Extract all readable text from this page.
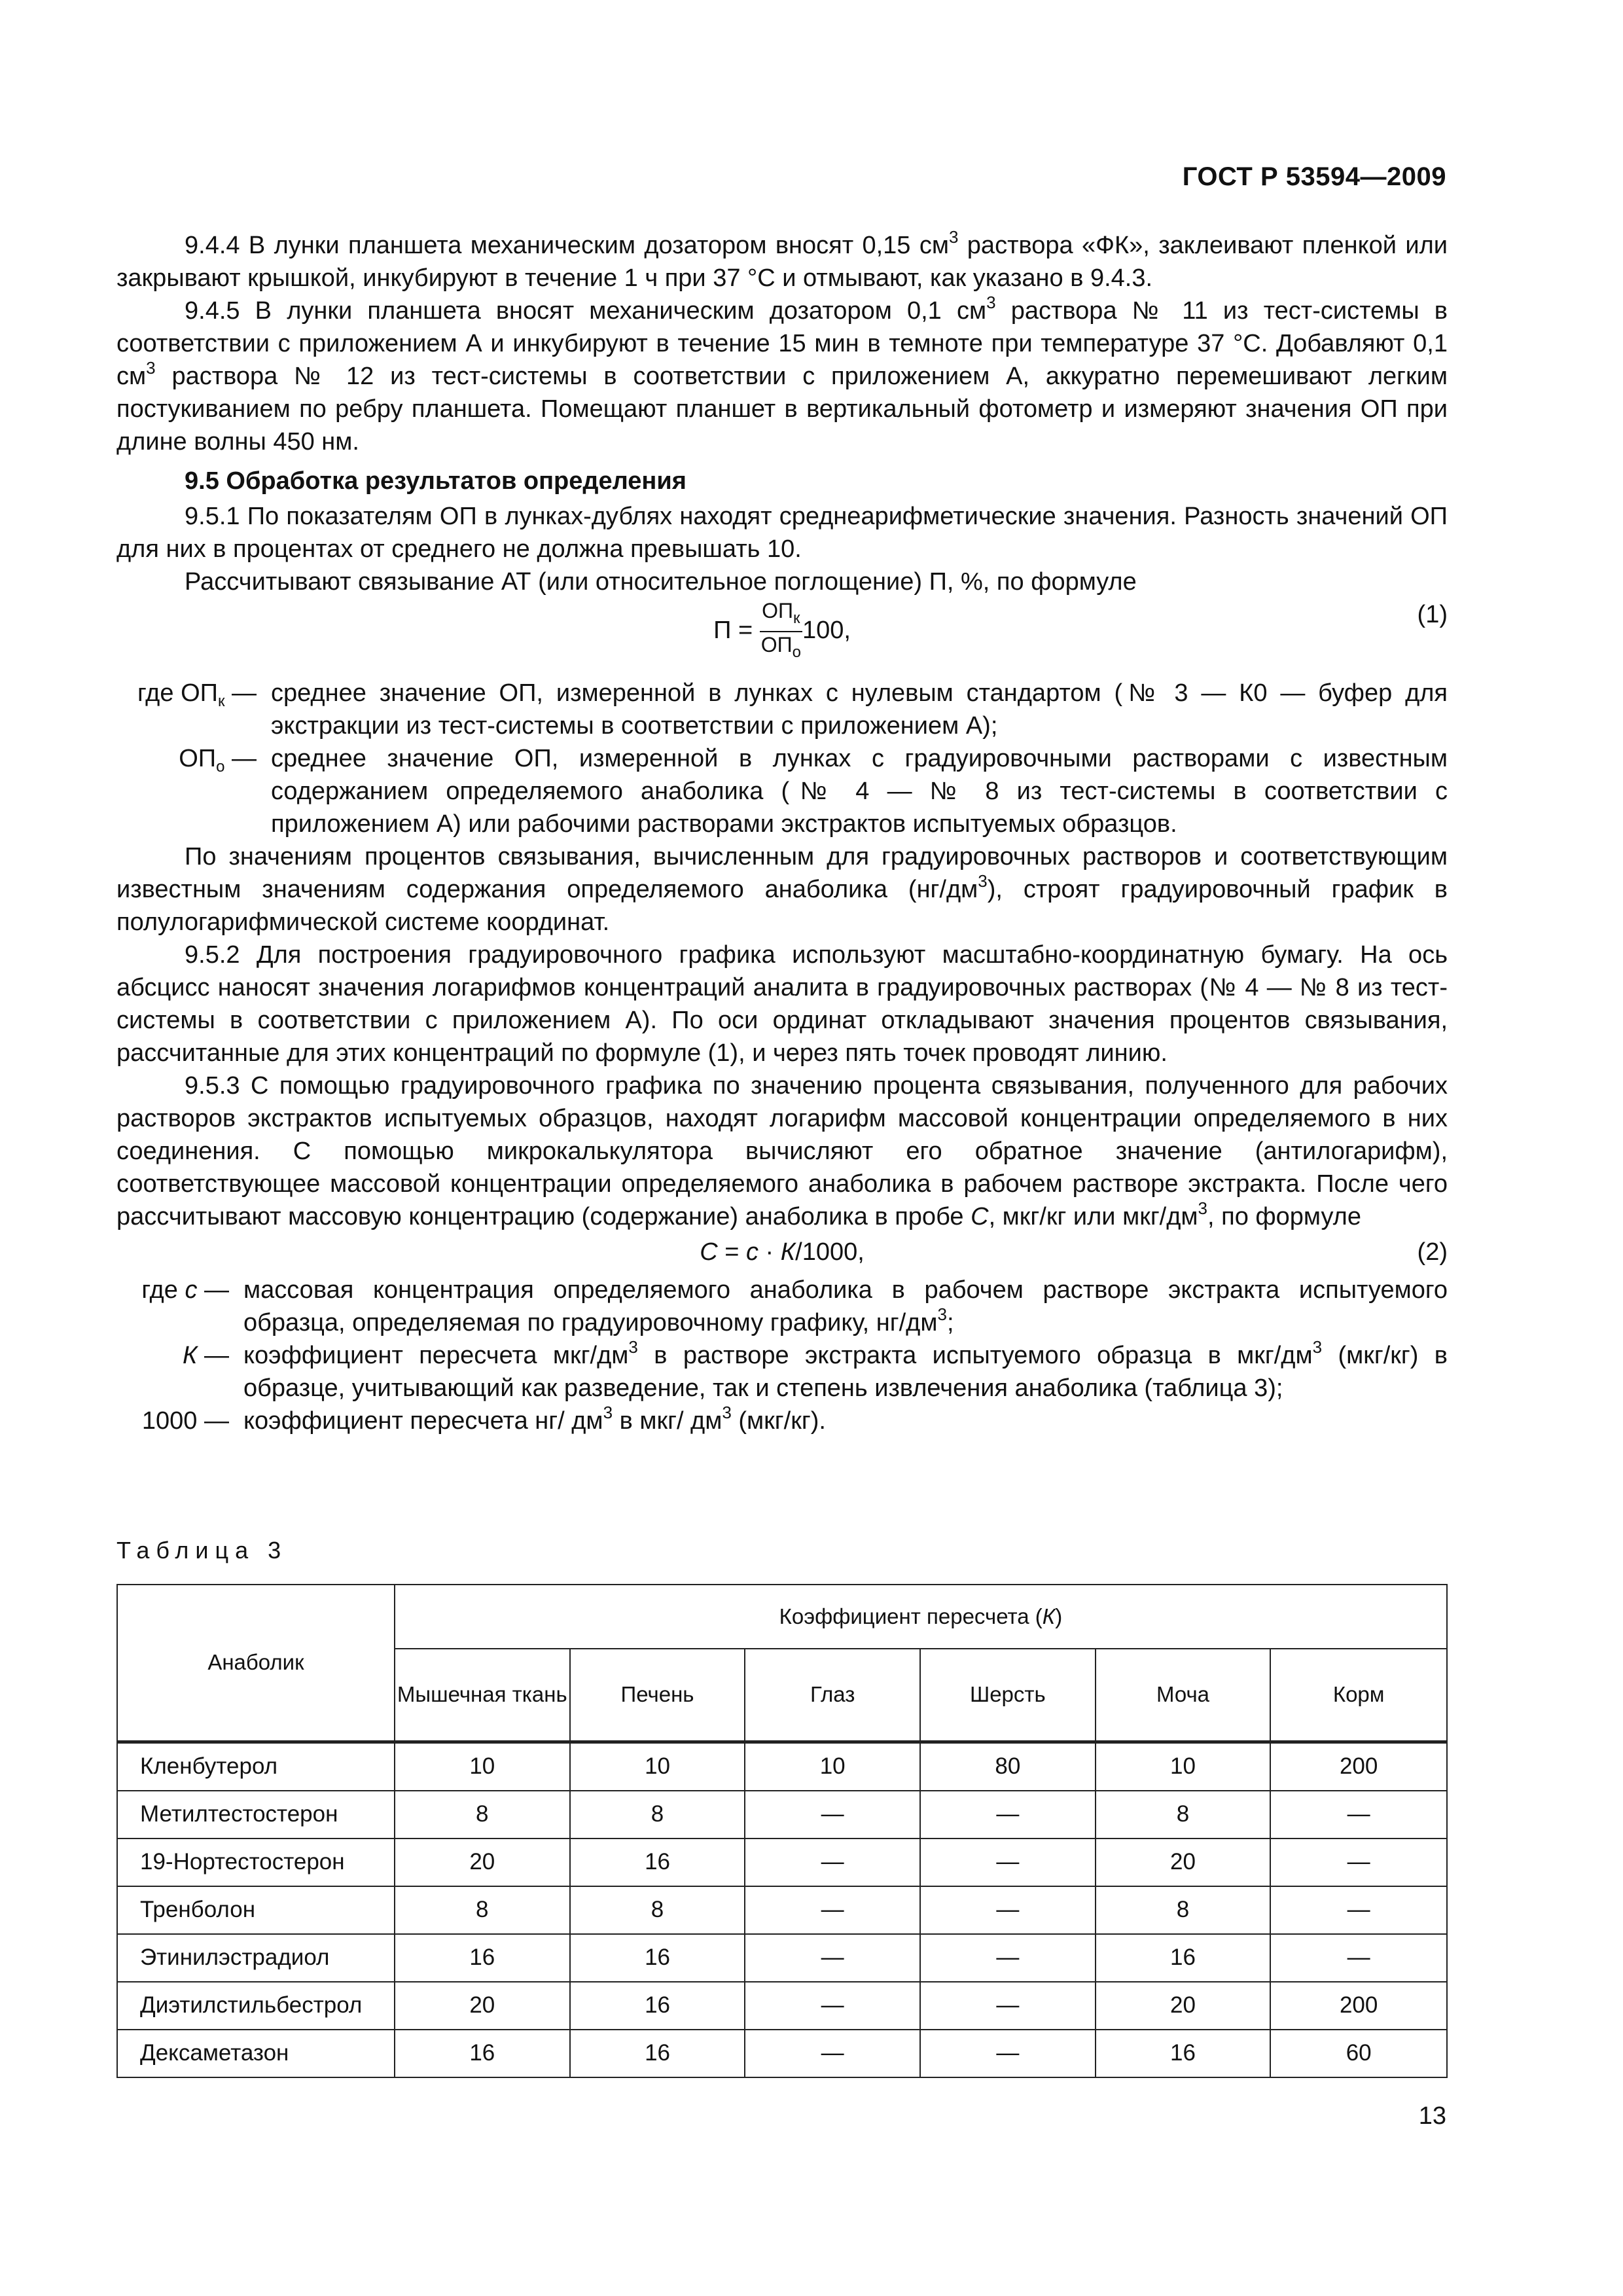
ГОСТ Р 53594—2009

9.4.4 В лунки планшета механическим дозатором вносят 0,15 $см^3$ раствора «ФК», заклеивают пленкой или закрывают крышкой, инкубируют в течение 1 ч при 37 °С и отмывают, как указано в 9.4.3.

9.4.5 В лунки планшета вносят механическим дозатором 0,1 $см^3$ раствора № 11 из тест-системы в соответствии с приложением А и инкубируют в течение 15 мин в темноте при температуре 37 °С. Добавляют 0,1 $см^3$ раствора № 12 из тест-системы в соответствии с приложением А, аккуратно перемешивают легким постукиванием по ребру планшета. Помещают планшет в вертикальный фотометр и измеряют значения ОП при длине волны 450 нм.

9.5 Обработка результатов определения

9.5.1 По показателям ОП в лунках-дублях находят среднеарифметические значения. Разность значений ОП для них в процентах от среднего не должна превышать 10.

Рассчитывают связывание АТ (или относительное поглощение) П, %, по формуле

$П = \frac{ОП_к}{ОП_о} 100$,
(1)
где $ОП_к$ — среднее значение ОП, измеренной в лунках с нулевым стандартом (№ 3 — К0 — буфер для экстракции из тест-системы в соответствии с приложением А);
$ОП_о$ — среднее значение ОП, измеренной в лунках с градуировочными растворами с известным содержанием определяемого анаболика (№ 4 — № 8 из тест-системы в соответствии с приложением А) или рабочими растворами экстрактов испытуемых образцов.

По значениям процентов связывания, вычисленным для градуировочных растворов и соответствующим известным значениям содержания определяемого анаболика $(нг/дм^3)$, строят градуировочный график в полулогарифмической системе координат.

9.5.2 Для построения градуировочного графика используют масштабно-координатную бумагу. На ось абсцисс наносят значения логарифмов концентраций аналита в градуировочных растворах (№ 4 — № 8 из тест-системы в соответствии с приложением А). По оси ординат откладывают значения процентов связывания, рассчитанные для этих концентраций по формуле (1), и через пять точек проводят линию.

9.5.3 С помощью градуировочного графика по значению процента связывания, полученного для рабочих растворов экстрактов испытуемых образцов, находят логарифм массовой концентрации определяемого в них соединения. С помощью микрокалькулятора вычисляют его обратное значение (антилогарифм), соответствующее массовой концентрации определяемого анаболика в рабочем растворе экстракта. После чего рассчитывают массовую концентрацию (содержание) анаболика в пробе С, мкг/кг или мкг/$дм^3$, по формуле

С = с · К/1000,	(2)
где с — массовая концентрация определяемого анаболика в рабочем растворе экстракта испытуемого образца, определяемая по градуировочному графику, $нг/дм^3$;
К — коэффициент пересчета мкг/$дм^3$ в растворе экстракта испытуемого образца в мкг/$дм^3$ (мкг/кг) в образце, учитывающий как разведение, так и степень извлечения анаболика (таблица 3);
1000 — коэффициент пересчета нг/ $дм^3$ в мкг/ $дм^3$ (мкг/кг).
Таблица 3
Анаболик	Коэффициент пересчета (К)					
	Мышечная ткань	Печень	Глаз	Шерсть	Моча	Корм
Кленбутерол	10	10	10	80	10	200
Метилтестостерон	8	8	—	—	8	—
19-Нортестостерон	20	16	—	—	20	—
Тренболон	8	8	—	—	8	—
Этинилэстрадиол	16	16	—	—	16	—
Диэтилстильбестрол	20	16	—	—	20	200
Дексаметазон	16	16	—	—	16	60
13
